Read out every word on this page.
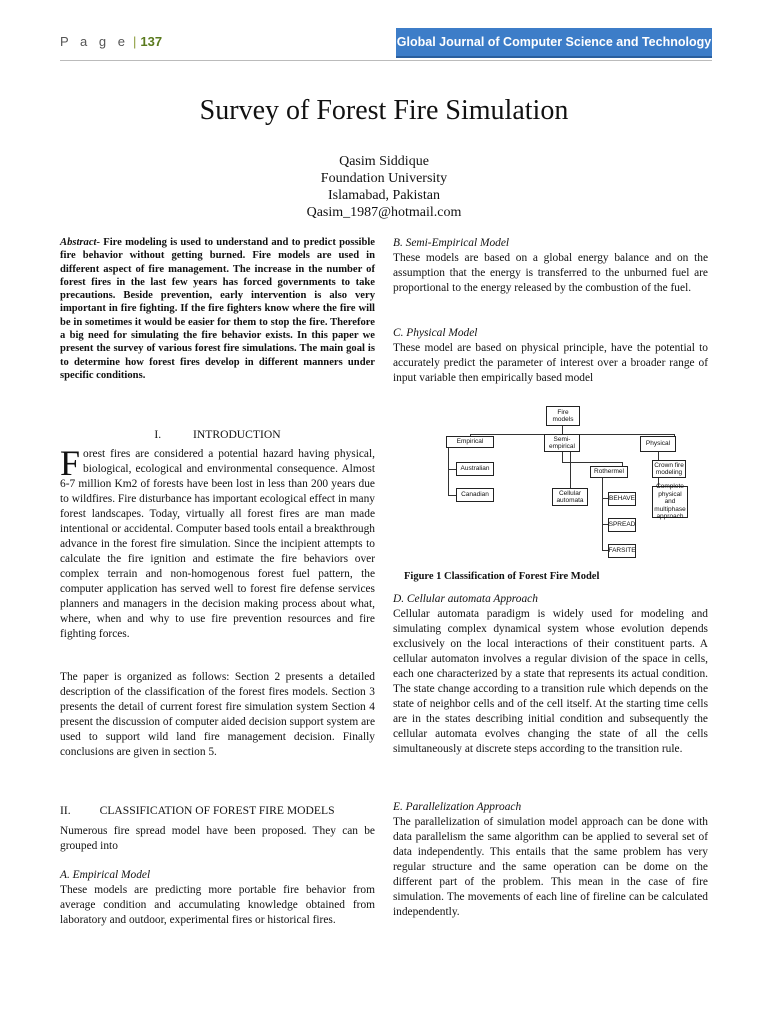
P a g e | 137	Global Journal of Computer Science and Technology
Survey of Forest Fire Simulation
Qasim Siddique
Foundation University
Islamabad, Pakistan
Qasim_1987@hotmail.com

Abstract- Fire modeling is used to understand and to predict possible fire behavior without getting burned. Fire models are used in different aspect of fire management. The increase in the number of forest fires in the last few years has forced governments to take precautions. Beside prevention, early intervention is also very important in fire fighting. If the fire fighters know where the fire will be in sometimes it would be easier for them to stop the fire. Therefore a big need for simulating the fire behavior exists. In this paper we present the survey of various forest fire simulations. The main goal is to determine how forest fires develop in different manners under specific conditions.

I.           INTRODUCTION

Forest fires are considered a potential hazard having physical, biological, ecological and environmental consequence. Almost 6-7 million Km2 of forests have been lost in less than 200 years due to wildfires. Fire disturbance has important ecological effect in many forest landscapes. Today, virtually all forest fires are man made intentional or accidental. Computer based tools entail a breakthrough advance in the forest fire simulation. Since the incipient attempts to calculate the fire ignition and estimate the fire behaviors over complex terrain and non-homogenous forest fuel pattern, the computer application has served well to forest fire defense services planners and managers in the decision making process about what, where, when and why to use fire prevention resources and fire fighting forces.

The paper is organized as follows: Section 2 presents a detailed description of the classification of the forest fires models. Section 3 presents the detail of current forest fire simulation system Section 4 present the discussion of computer aided decision support system are used to support wild land fire management decision. Finally conclusions are given in section 5.
II.          CLASSIFICATION OF FOREST FIRE MODELS
Numerous fire spread model have been proposed. They can be grouped into
A. Empirical Model
These models are predicting more portable fire behavior from average condition and accumulating knowledge obtained from laboratory and outdoor, experimental fires or historical fires.
B. Semi-Empirical Model
These models are based on a global energy balance and on the assumption that the energy is transferred to the unburned fuel are proportional to the energy released by the combustion of the fuel.
C. Physical Model
These model are based on physical principle, have the potential to accurately predict the parameter of interest over a broader range of input variable then empirically based model
Fire models
Empirical	Semi-empirical	Physical
Australian
Canadian
Rothermel
Cellular automata	BEHAVE
SPREAD
FARSITE
Crown fire modeling
Complete physical and multiphase approach
Figure 1 Classification of Forest Fire Model
D. Cellular automata Approach
Cellular automata paradigm is widely used for modeling and simulating complex dynamical system whose evolution depends exclusively on the local interactions of their constituent parts. A cellular automaton involves a regular division of the space in cells, each one characterized by a state that represents its actual condition. The state change according to a transition rule which depends on the state of neighbor cells and of the cell itself. At the starting time cells are in the states describing initial condition and subsequently the cellular automata evolves changing the state of all the cells simultaneously at discrete steps according to the transition rule.
E. Parallelization Approach
The parallelization of simulation model approach can be done with data parallelism the same algorithm can be applied to several set of data independently. This entails that the same problem has very regular structure and the same operation can be dome on the different part of the problem. This mean in the case of fire simulation. The movements of each line of fireline can be calculated independently.
